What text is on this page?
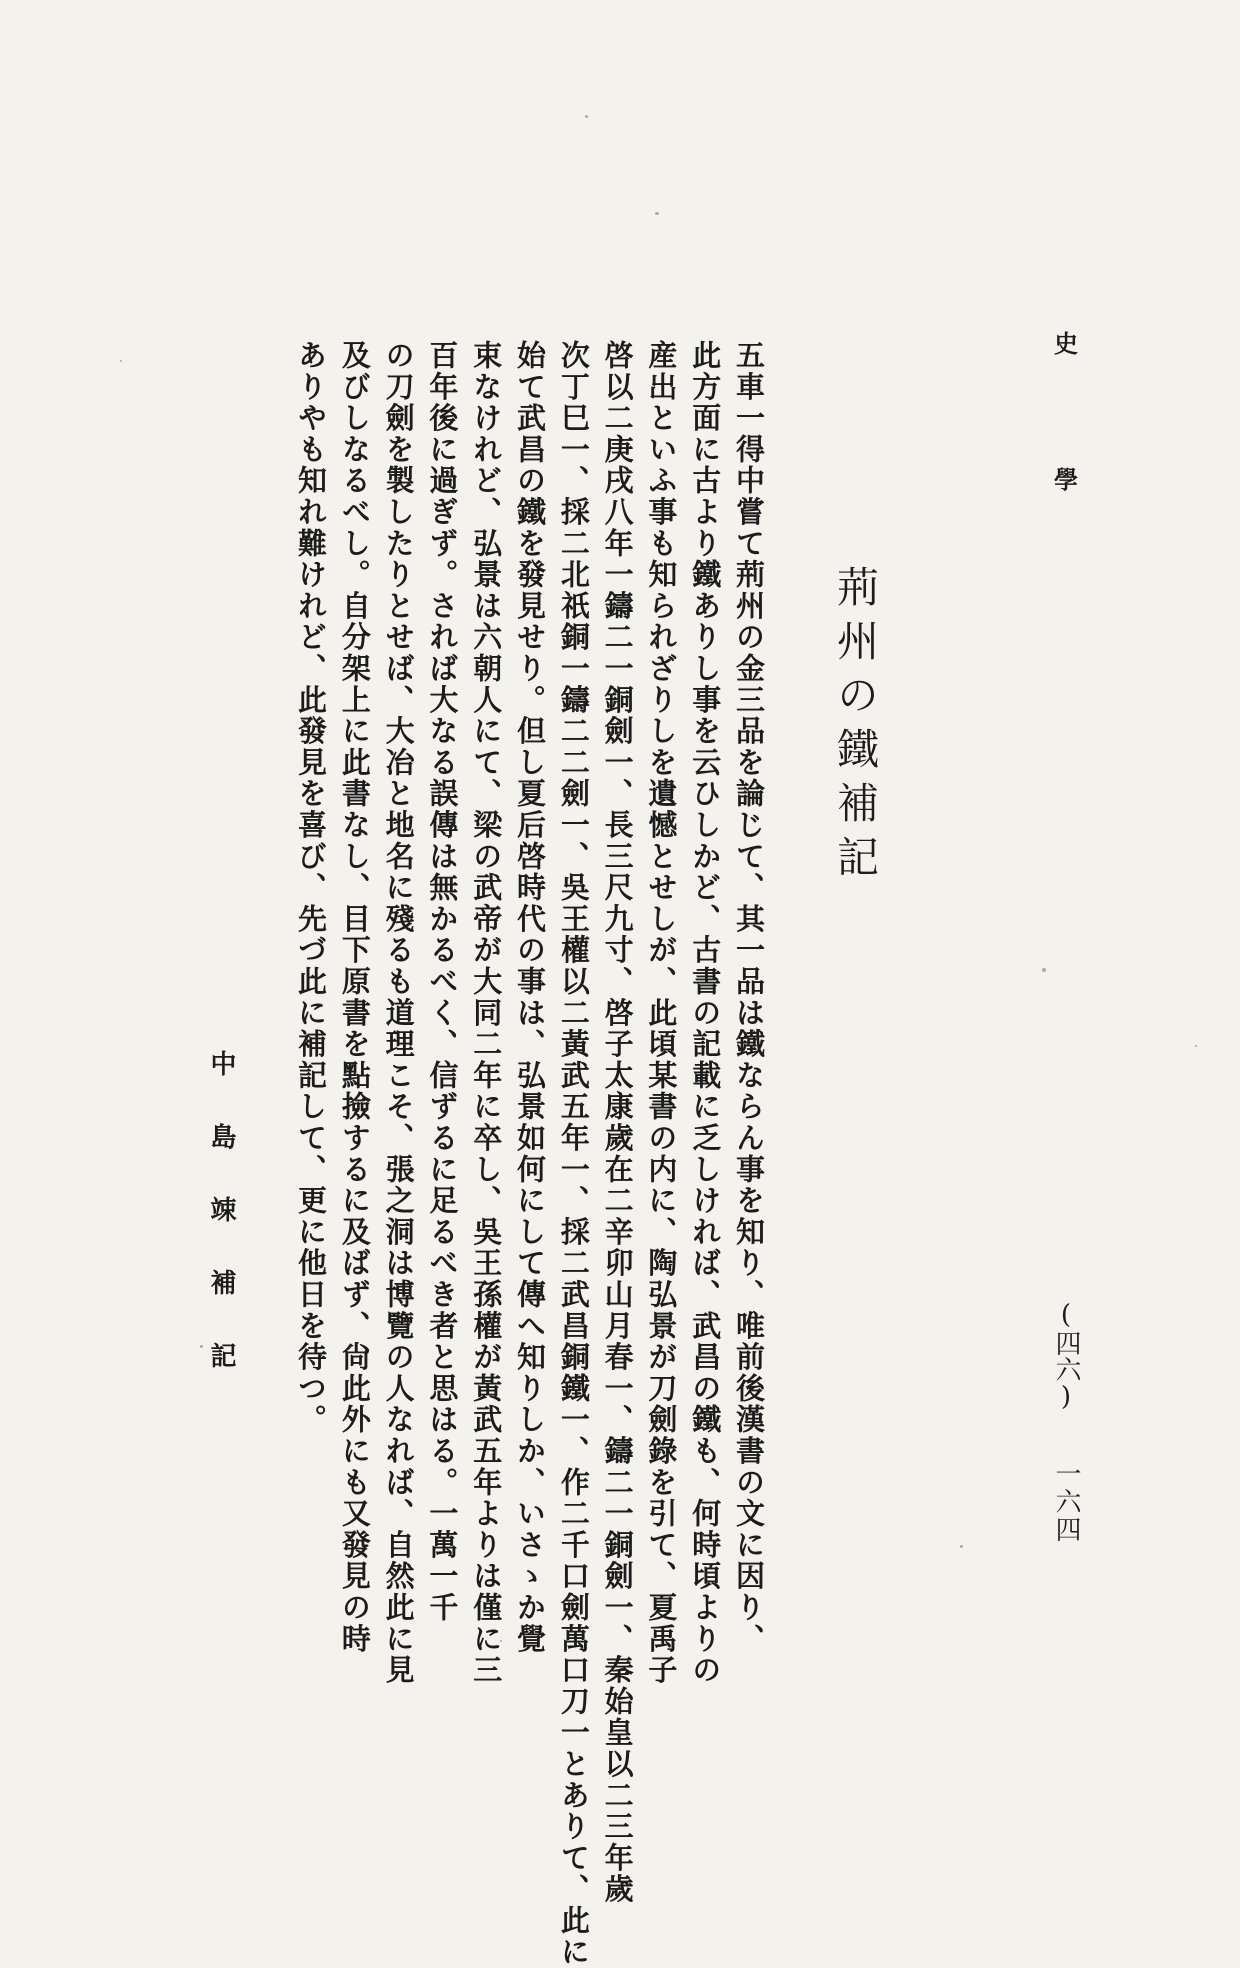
史
學
(四六)
一六四
荊州の鐵補記

五車一得中嘗て荊州の金三品を論じて、其一品は鐵ならん事を知り、唯前後漢書の文に因り、

此方面に古より鐵ありし事を云ひしかど、古書の記載に乏しければ、武昌の鐵も、何時頃よりの

産出といふ事も知られざりしを遺憾とせしが、此頃某書の内に、陶弘景が刀劍錄を引て、夏禹子

啓以二庚戌八年一鑄二一銅劍一、長三尺九寸、啓子太康歲在二辛卯山月春一、鑄二一銅劍一、秦始皇以二三年歲

次丁巳一、採二北祇銅一鑄二二劍一、吳王權以二黃武五年一、採二武昌銅鐵一、作二千口劍萬口刀一とありて、此に

始て武昌の鐵を發見せり。但し夏后啓時代の事は、弘景如何にして傳へ知りしか、いさゝか覺

束なけれど、弘景は六朝人にて、梁の武帝が大同二年に卒し、吳王孫權が黃武五年よりは僅に三

百年後に過ぎず。されば大なる誤傳は無かるべく、信ずるに足るべき者と思はる。一萬一千

の刀劍を製したりとせば、大冶と地名に殘るも道理こそ、張之洞は博覽の人なれば、自然此に見

及びしなるべし。自分架上に此書なし、目下原書を點撿するに及ばず、尙此外にも又發見の時

ありやも知れ難けれど、此發見を喜び、先づ此に補記して、更に他日を待つ。

中島竦補記
